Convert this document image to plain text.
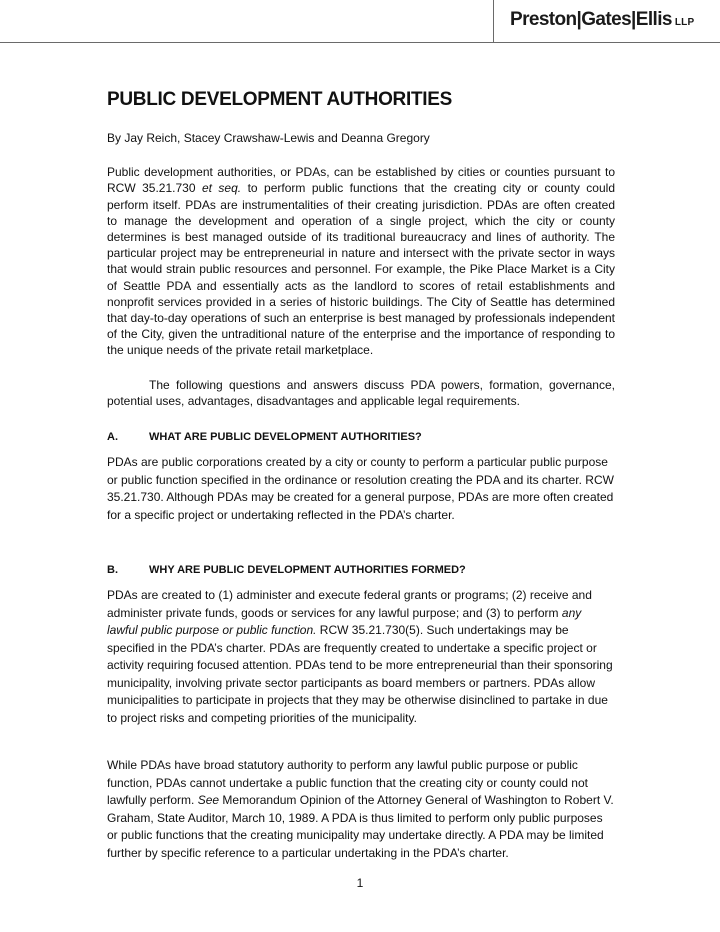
Preston|Gates|Ellis LLP
PUBLIC DEVELOPMENT AUTHORITIES

By Jay Reich, Stacey Crawshaw-Lewis and Deanna Gregory

Public development authorities, or PDAs, can be established by cities or counties pursuant to RCW 35.21.730 et seq. to perform public functions that the creating city or county could perform itself. PDAs are instrumentalities of their creating jurisdiction. PDAs are often created to manage the development and operation of a single project, which the city or county determines is best managed outside of its traditional bureaucracy and lines of authority. The particular project may be entrepreneurial in nature and intersect with the private sector in ways that would strain public resources and personnel. For example, the Pike Place Market is a City of Seattle PDA and essentially acts as the landlord to scores of retail establishments and nonprofit services provided in a series of historic buildings. The City of Seattle has determined that day-to-day operations of such an enterprise is best managed by professionals independent of the City, given the untraditional nature of the enterprise and the importance of responding to the unique needs of the private retail marketplace.

The following questions and answers discuss PDA powers, formation, governance, potential uses, advantages, disadvantages and applicable legal requirements.

A.	WHAT ARE PUBLIC DEVELOPMENT AUTHORITIES?

PDAs are public corporations created by a city or county to perform a particular public purpose or public function specified in the ordinance or resolution creating the PDA and its charter. RCW 35.21.730. Although PDAs may be created for a general purpose, PDAs are more often created for a specific project or undertaking reflected in the PDA’s charter.

B.	WHY ARE PUBLIC DEVELOPMENT AUTHORITIES FORMED?

PDAs are created to (1) administer and execute federal grants or programs; (2) receive and administer private funds, goods or services for any lawful purpose; and (3) to perform any lawful public purpose or public function. RCW 35.21.730(5). Such undertakings may be specified in the PDA’s charter. PDAs are frequently created to undertake a specific project or activity requiring focused attention. PDAs tend to be more entrepreneurial than their sponsoring municipality, involving private sector participants as board members or partners. PDAs allow municipalities to participate in projects that they may be otherwise disinclined to partake in due to project risks and competing priorities of the municipality.

While PDAs have broad statutory authority to perform any lawful public purpose or public function, PDAs cannot undertake a public function that the creating city or county could not lawfully perform. See Memorandum Opinion of the Attorney General of Washington to Robert V. Graham, State Auditor, March 10, 1989. A PDA is thus limited to perform only public purposes or public functions that the creating municipality may undertake directly. A PDA may be limited further by specific reference to a particular undertaking in the PDA’s charter.

1
